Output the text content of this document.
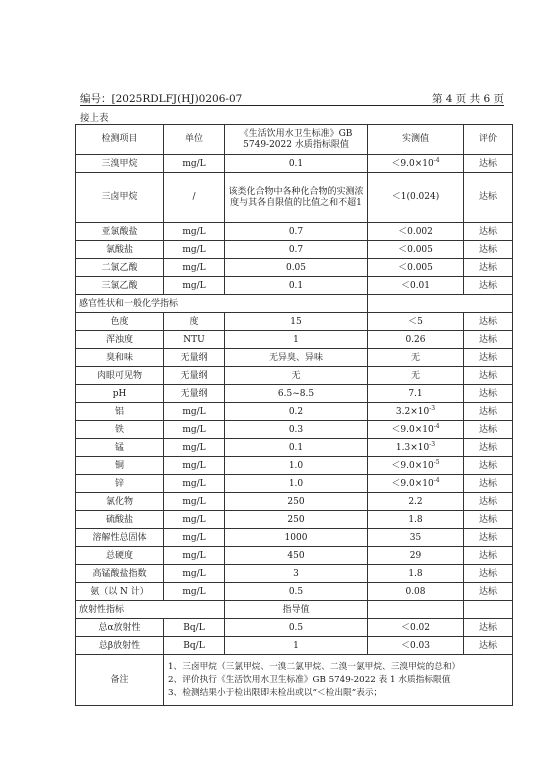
编号：[2025RDLFJ(HJ)0206-07	第 4 页 共 6 页
接上表
检测项目	单位	《生活饮用水卫生标准》GB 5749-2022 水质指标限值	实测值	评价
三溴甲烷	mg/L	0.1	$<9.0\times 10^{-4}$	达标
三卤甲烷	/	该类化合物中各种化合物的实测浓度与其各自限值的比值之和不超1	＜1(0.024)	达标
亚氯酸盐	mg/L	0.7	＜0.002	达标
氯酸盐	mg/L	0.7	＜0.005	达标
二氯乙酸	mg/L	0.05	＜0.005	达标
三氯乙酸	mg/L	0.1	＜0.01	达标
感官性状和一般化学指标				
色度	度	15	＜5	达标
浑浊度	NTU	1	0.26	达标
臭和味	无量纲	无异臭、异味	无	达标
肉眼可见物	无量纲	无	无	达标
pH	无量纲	6.5~8.5	7.1	达标
铝	mg/L	0.2	$3.2\times 10^{-3}$	达标
铁	mg/L	0.3	$<9.0\times 10^{-4}$	达标
锰	mg/L	0.1	$1.3\times 10^{-3}$	达标
铜	mg/L	1.0	$<9.0\times 10^{-5}$	达标
锌	mg/L	1.0	$<9.0\times 10^{-4}$	达标
氯化物	mg/L	250	2.2	达标
硫酸盐	mg/L	250	1.8	达标
溶解性总固体	mg/L	1000	35	达标
总硬度	mg/L	450	29	达标
高锰酸盐指数	mg/L	3	1.8	达标
氨（以 N 计）	mg/L	0.5	0.08	达标
放射性指标		指导值		
总α放射性	Bq/L	0.5	＜0.02	达标
总β放射性	Bq/L	1	＜0.03	达标
备注	1、三卤甲烷（三氯甲烷、一溴二氯甲烷、二溴一氯甲烷、三溴甲烷的总和）
2、评价执行《生活饮用水卫生标准》GB 5749-2022 表 1 水质指标限值
3、检测结果小于检出限即未检出或以“＜检出限”表示；			
